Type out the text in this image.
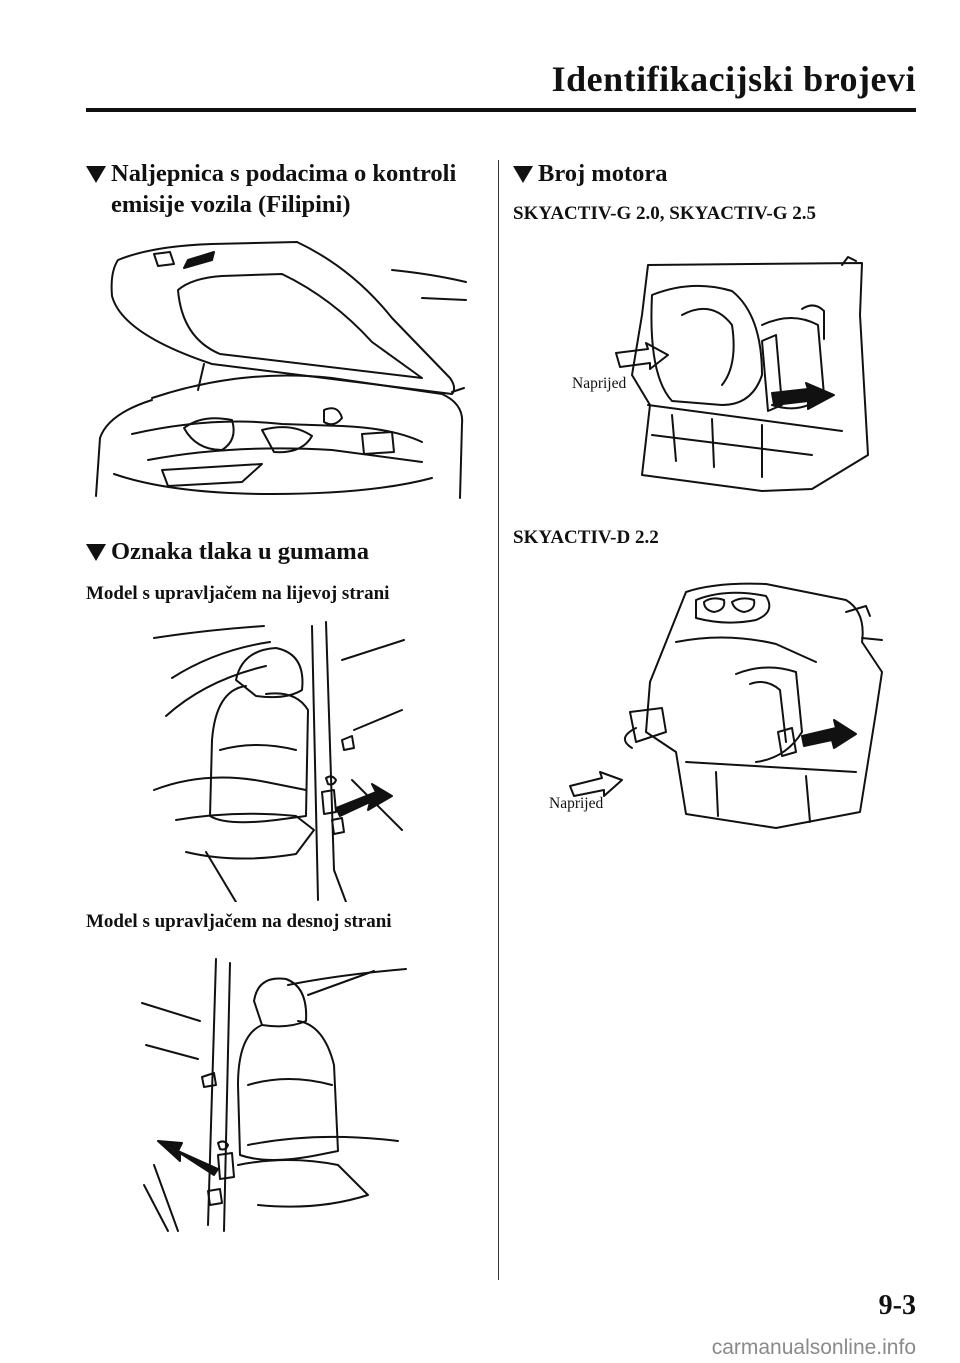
Identifikacijski brojevi
Naljepnica s podacima o kontroli
emisije vozila (Filipini)
Oznaka tlaka u gumama
Model s upravljačem na lijevoj strani
Model s upravljačem na desnoj strani
Broj motora
SKYACTIV-G 2.0, SKYACTIV-G 2.5
Naprijed
SKYACTIV-D 2.2
Naprijed
9-3
carmanualsonline.info
